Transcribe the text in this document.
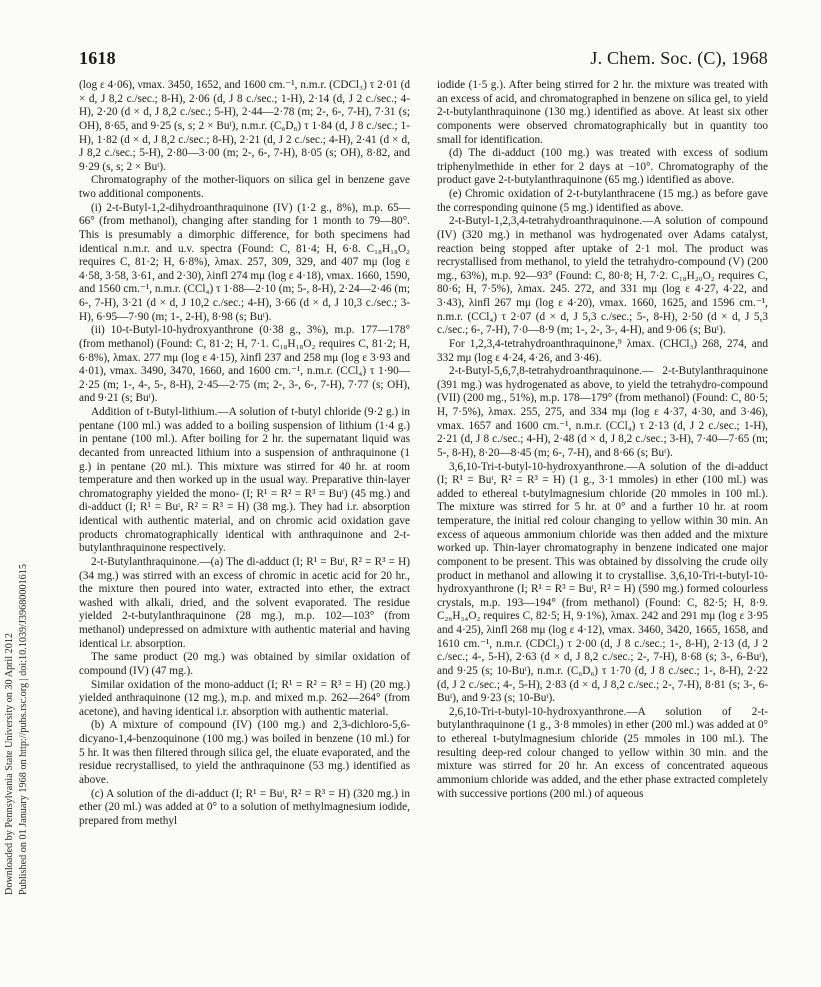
Published on 01 January 1968 on http://pubs.rsc.org | doi:10.1039/J39680001615
Downloaded by Pennsylvania State University on 30 April 2012
1618	J. Chem. Soc. (C), 1968

(log ε 4·06), νmax. 3450, 1652, and 1600 cm.⁻¹, n.m.r. (CDCl₃) τ 2·01 (d × d, J 8,2 c./sec.; 8-H), 2·06 (d, J 8 c./sec.; 1-H), 2·14 (d, J 2 c./sec.; 4-H), 2·20 (d × d, J 8,2 c./sec.; 5-H), 2·44—2·78 (m; 2-, 6-, 7-H), 7·31 (s; OH), 8·65, and 9·25 (s, s; 2 × Buᵗ), n.m.r. (C₆D₆) τ 1·84 (d, J 8 c./sec.; 1-H), 1·82 (d × d, J 8,2 c./sec.; 8-H), 2·21 (d, J 2 c./sec.; 4-H), 2·41 (d × d, J 8,2 c./sec.; 5-H), 2·80—3·00 (m; 2-, 6-, 7-H), 8·05 (s; OH), 8·82, and 9·29 (s, s; 2 × Buᵗ).

Chromatography of the mother-liquors on silica gel in benzene gave two additional components.

(i) 2-t-Butyl-1,2-dihydroanthraquinone (IV) (1·2 g., 8%), m.p. 65—66° (from methanol), changing after standing for 1 month to 79—80°. This is presumably a dimorphic difference, for both specimens had identical n.m.r. and u.v. spectra (Found: C, 81·4; H, 6·8. C₁₈H₁₈O₂ requires C, 81·2; H, 6·8%), λmax. 257, 309, 329, and 407 mμ (log ε 4·58, 3·58, 3·61, and 2·30), λinfl 274 mμ (log ε 4·18), νmax. 1660, 1590, and 1560 cm.⁻¹, n.m.r. (CCl₄) τ 1·88—2·10 (m; 5-, 8-H), 2·24—2·46 (m; 6-, 7-H), 3·21 (d × d, J 10,2 c./sec.; 4-H), 3·66 (d × d, J 10,3 c./sec.; 3-H), 6·95—7·90 (m; 1-, 2-H), 8·98 (s; Buᵗ).

(ii) 10-t-Butyl-10-hydroxyanthrone (0·38 g., 3%), m.p. 177—178° (from methanol) (Found: C, 81·2; H, 7·1. C₁₈H₁₈O₂ requires C, 81·2; H, 6·8%), λmax. 277 mμ (log ε 4·15), λinfl 237 and 258 mμ (log ε 3·93 and 4·01), νmax. 3490, 3470, 1660, and 1600 cm.⁻¹, n.m.r. (CCl₄) τ 1·90—2·25 (m; 1-, 4-, 5-, 8-H), 2·45—2·75 (m; 2-, 3-, 6-, 7-H), 7·77 (s; OH), and 9·21 (s; Buᵗ).

Addition of t-Butyl-lithium.—A solution of t-butyl chloride (9·2 g.) in pentane (100 ml.) was added to a boiling suspension of lithium (1·4 g.) in pentane (100 ml.). After boiling for 2 hr. the supernatant liquid was decanted from unreacted lithium into a suspension of anthraquinone (1 g.) in pentane (20 ml.). This mixture was stirred for 40 hr. at room temperature and then worked up in the usual way. Preparative thin-layer chromatography yielded the mono- (I; R¹ = R² = R³ = Buᵗ) (45 mg.) and di-adduct (I; R¹ = Buᵗ, R² = R³ = H) (38 mg.). They had i.r. absorption identical with authentic material, and on chromic acid oxidation gave products chromatographically identical with anthraquinone and 2-t-butylanthraquinone respectively.

2-t-Butylanthraquinone.—(a) The di-adduct (I; R¹ = Buᵗ, R² = R³ = H) (34 mg.) was stirred with an excess of chromic in acetic acid for 20 hr., the mixture then poured into water, extracted into ether, the extract washed with alkali, dried, and the solvent evaporated. The residue yielded 2-t-butylanthraquinone (28 mg.), m.p. 102—103° (from methanol) undepressed on admixture with authentic material and having identical i.r. absorption.

The same product (20 mg.) was obtained by similar oxidation of compound (IV) (47 mg.).

Similar oxidation of the mono-adduct (I; R¹ = R² = R³ = H) (20 mg.) yielded anthraquinone (12 mg.), m.p. and mixed m.p. 262—264° (from acetone), and having identical i.r. absorption with authentic material.

(b) A mixture of compound (IV) (100 mg.) and 2,3-dichloro-5,6-dicyano-1,4-benzoquinone (100 mg.) was boiled in benzene (10 ml.) for 5 hr. It was then filtered through silica gel, the eluate evaporated, and the residue recrystallised, to yield the anthraquinone (53 mg.) identified as above.

(c) A solution of the di-adduct (I; R¹ = Buᵗ, R² = R³ = H) (320 mg.) in ether (20 ml.) was added at 0° to a solution of methylmagnesium iodide, prepared from methyl

iodide (1·5 g.). After being stirred for 2 hr. the mixture was treated with an excess of acid, and chromatographed in benzene on silica gel, to yield 2-t-butylanthraquinone (130 mg.) identified as above. At least six other components were observed chromatographically but in quantity too small for identification.

(d) The di-adduct (100 mg.) was treated with excess of sodium triphenylmethide in ether for 2 days at −10°. Chromatography of the product gave 2-t-butylanthraquinone (65 mg.) identified as above.

(e) Chromic oxidation of 2-t-butylanthracene (15 mg.) as before gave the corresponding quinone (5 mg.) identified as above.

2-t-Butyl-1,2,3,4-tetrahydroanthraquinone.—A solution of compound (IV) (320 mg.) in methanol was hydrogenated over Adams catalyst, reaction being stopped after uptake of 2·1 mol. The product was recrystallised from methanol, to yield the tetrahydro-compound (V) (200 mg., 63%), m.p. 92—93° (Found: C, 80·8; H, 7·2. C₁₈H₂₀O₂ requires C, 80·6; H, 7·5%), λmax. 245. 272, and 331 mμ (log ε 4·27, 4·22, and 3·43), λinfl 267 mμ (log ε 4·20), νmax. 1660, 1625, and 1596 cm.⁻¹, n.m.r. (CCl₄) τ 2·07 (d × d, J 5,3 c./sec.; 5-, 8-H), 2·50 (d × d, J 5,3 c./sec.; 6-, 7-H), 7·0—8·9 (m; 1-, 2-, 3-, 4-H), and 9·06 (s; Buᵗ).

For 1,2,3,4-tetrahydroanthraquinone,⁹ λmax. (CHCl₃) 268, 274, and 332 mμ (log ε 4·24, 4·26, and 3·46).

2-t-Butyl-5,6,7,8-tetrahydroanthraquinone.— 2-t-Butylanthraquinone (391 mg.) was hydrogenated as above, to yield the tetrahydro-compound (VII) (200 mg., 51%), m.p. 178—179° (from methanol) (Found: C, 80·5; H, 7·5%), λmax. 255, 275, and 334 mμ (log ε 4·37, 4·30, and 3·46), νmax. 1657 and 1600 cm.⁻¹, n.m.r. (CCl₄) τ 2·13 (d, J 2 c./sec.; 1-H), 2·21 (d, J 8 c./sec.; 4-H), 2·48 (d × d, J 8,2 c./sec.; 3-H), 7·40—7·65 (m; 5-, 8-H), 8·20—8·45 (m; 6-, 7-H), and 8·66 (s; Buᵗ).

3,6,10-Tri-t-butyl-10-hydroxyanthrone.—A solution of the di-adduct (I; R¹ = Buᵗ, R² = R³ = H) (1 g., 3·1 mmoles) in ether (100 ml.) was added to ethereal t-butylmagnesium chloride (20 mmoles in 100 ml.). The mixture was stirred for 5 hr. at 0° and a further 10 hr. at room temperature, the initial red colour changing to yellow within 30 min. An excess of aqueous ammonium chloride was then added and the mixture worked up. Thin-layer chromatography in benzene indicated one major component to be present. This was obtained by dissolving the crude oily product in methanol and allowing it to crystallise. 3,6,10-Tri-t-butyl-10-hydroxyanthrone (I; R¹ = R³ = Buᵗ, R² = H) (590 mg.) formed colourless crystals, m.p. 193—194° (from methanol) (Found: C, 82·5; H, 8·9. C₂₆H₃₄O₂ requires C, 82·5; H, 9·1%), λmax. 242 and 291 mμ (log ε 3·95 and 4·25), λinfl 268 mμ (log ε 4·12), νmax. 3460, 3420, 1665, 1658, and 1610 cm.⁻¹, n.m.r. (CDCl₃) τ 2·00 (d, J 8 c./sec.; 1-, 8-H), 2·13 (d, J 2 c./sec.; 4-, 5-H), 2·63 (d × d, J 8,2 c./sec.; 2-, 7-H), 8·68 (s; 3-, 6-Buᵗ), and 9·25 (s; 10-Buᵗ), n.m.r. (C₆D₆) τ 1·70 (d, J 8 c./sec.; 1-, 8-H), 2·22 (d, J 2 c./sec.; 4-, 5-H), 2·83 (d × d, J 8,2 c./sec.; 2-, 7-H), 8·81 (s; 3-, 6-Buᵗ), and 9·23 (s; 10-Buᵗ).

2,6,10-Tri-t-butyl-10-hydroxyanthrone.—A solution of 2-t-butylanthraquinone (1 g., 3·8 mmoles) in ether (200 ml.) was added at 0° to ethereal t-butylmagnesium chloride (25 mmoles in 100 ml.). The resulting deep-red colour changed to yellow within 30 min. and the mixture was stirred for 20 hr. An excess of concentrated aqueous ammonium chloride was added, and the ether phase extracted completely with successive portions (200 ml.) of aqueous
